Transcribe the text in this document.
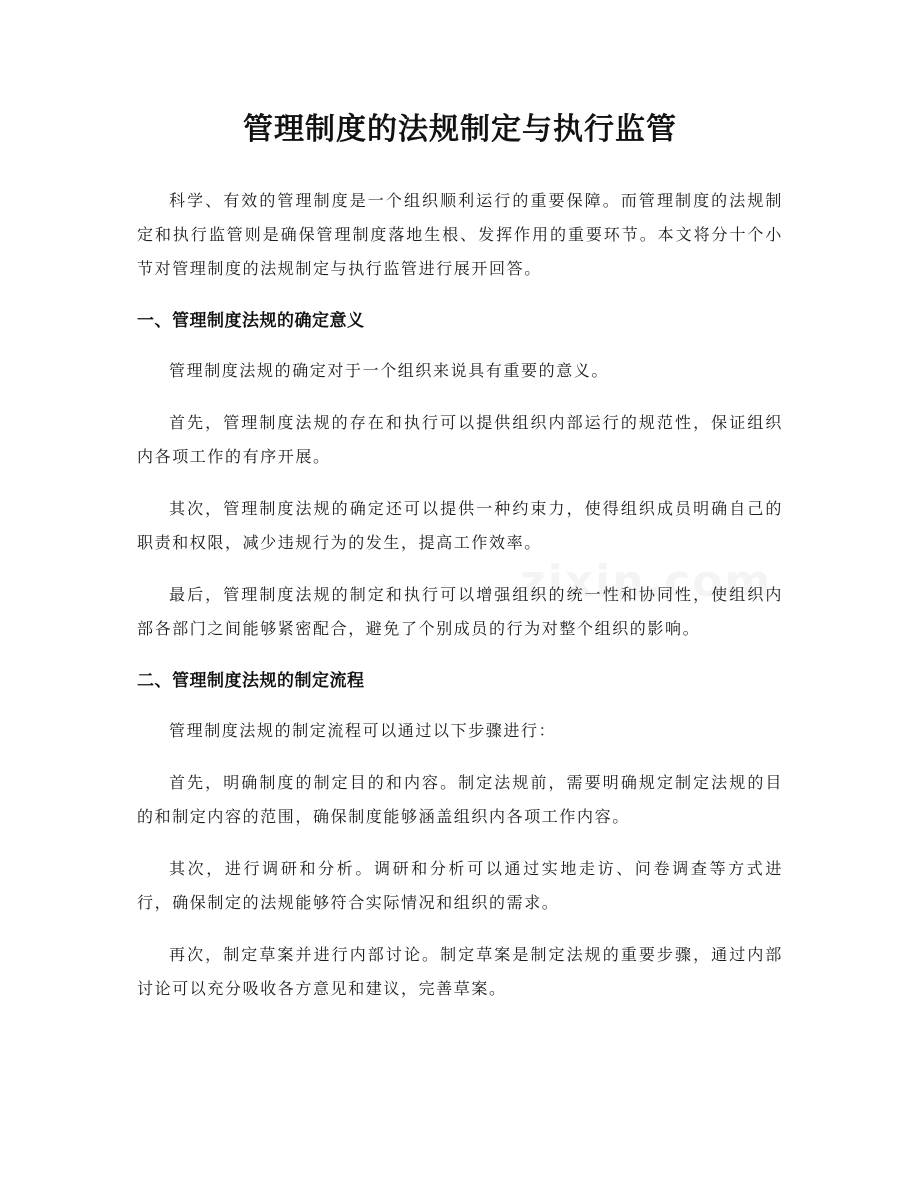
管理制度的法规制定与执行监管

科学、有效的管理制度是一个组织顺利运行的重要保障。而管理制度的法规制定和执行监管则是确保管理制度落地生根、发挥作用的重要环节。本文将分十个小节对管理制度的法规制定与执行监管进行展开回答。

一、管理制度法规的确定意义

管理制度法规的确定对于一个组织来说具有重要的意义。

首先，管理制度法规的存在和执行可以提供组织内部运行的规范性，保证组织内各项工作的有序开展。

其次，管理制度法规的确定还可以提供一种约束力，使得组织成员明确自己的职责和权限，减少违规行为的发生，提高工作效率。

最后，管理制度法规的制定和执行可以增强组织的统一性和协同性，使组织内部各部门之间能够紧密配合，避免了个别成员的行为对整个组织的影响。

二、管理制度法规的制定流程

管理制度法规的制定流程可以通过以下步骤进行：

首先，明确制度的制定目的和内容。制定法规前，需要明确规定制定法规的目的和制定内容的范围，确保制度能够涵盖组织内各项工作内容。

其次，进行调研和分析。调研和分析可以通过实地走访、问卷调查等方式进行，确保制定的法规能够符合实际情况和组织的需求。

再次，制定草案并进行内部讨论。制定草案是制定法规的重要步骤，通过内部讨论可以充分吸收各方意见和建议，完善草案。
